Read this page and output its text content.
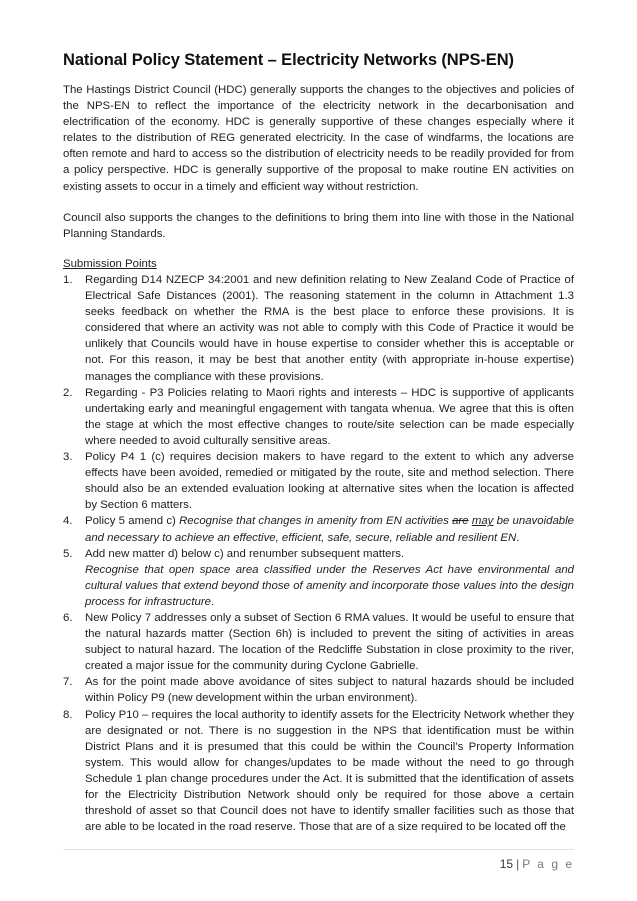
National Policy Statement – Electricity Networks (NPS-EN)

The Hastings District Council (HDC) generally supports the changes to the objectives and policies of the NPS-EN to reflect the importance of the electricity network in the decarbonisation and electrification of the economy. HDC is generally supportive of these changes especially where it relates to the distribution of REG generated electricity. In the case of windfarms, the locations are often remote and hard to access so the distribution of electricity needs to be readily provided for from a policy perspective. HDC is generally supportive of the proposal to make routine EN activities on existing assets to occur in a timely and efficient way without restriction.

Council also supports the changes to the definitions to bring them into line with those in the National Planning Standards.

Submission Points

1. Regarding D14 NZECP 34:2001 and new definition relating to New Zealand Code of Practice of Electrical Safe Distances (2001). The reasoning statement in the column in Attachment 1.3 seeks feedback on whether the RMA is the best place to enforce these provisions. It is considered that where an activity was not able to comply with this Code of Practice it would be unlikely that Councils would have in house expertise to consider whether this is acceptable or not. For this reason, it may be best that another entity (with appropriate in-house expertise) manages the compliance with these provisions.
2. Regarding - P3 Policies relating to Maori rights and interests – HDC is supportive of applicants undertaking early and meaningful engagement with tangata whenua. We agree that this is often the stage at which the most effective changes to route/site selection can be made especially where needed to avoid culturally sensitive areas.
3. Policy P4 1 (c) requires decision makers to have regard to the extent to which any adverse effects have been avoided, remedied or mitigated by the route, site and method selection. There should also be an extended evaluation looking at alternative sites when the location is affected by Section 6 matters.
4. Policy 5 amend c) Recognise that changes in amenity from EN activities are may be unavoidable and necessary to achieve an effective, efficient, safe, secure, reliable and resilient EN.
5. Add new matter d) below c) and renumber subsequent matters.
Recognise that open space area classified under the Reserves Act have environmental and cultural values that extend beyond those of amenity and incorporate those values into the design process for infrastructure.
6. New Policy 7 addresses only a subset of Section 6 RMA values. It would be useful to ensure that the natural hazards matter (Section 6h) is included to prevent the siting of activities in areas subject to natural hazard. The location of the Redcliffe Substation in close proximity to the river, created a major issue for the community during Cyclone Gabrielle.
7. As for the point made above avoidance of sites subject to natural hazards should be included within Policy P9 (new development within the urban environment).
8. Policy P10 – requires the local authority to identify assets for the Electricity Network whether they are designated or not. There is no suggestion in the NPS that identification must be within District Plans and it is presumed that this could be within the Council’s Property Information system. This would allow for changes/updates to be made without the need to go through Schedule 1 plan change procedures under the Act. It is submitted that the identification of assets for the Electricity Distribution Network should only be required for those above a certain threshold of asset so that Council does not have to identify smaller facilities such as those that are able to be located in the road reserve. Those that are of a size required to be located off the

15 | P a g e
